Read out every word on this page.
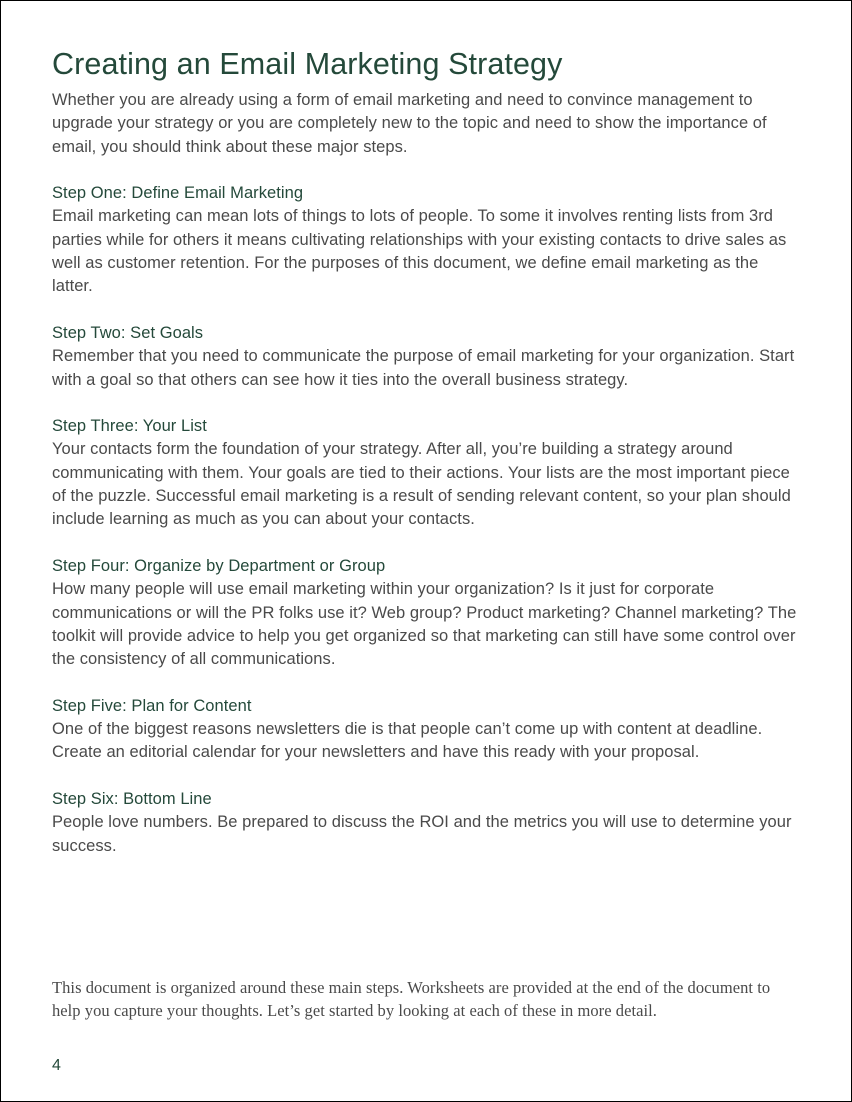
Creating an Email Marketing Strategy

Whether you are already using a form of email marketing and need to convince management to upgrade your strategy or you are completely new to the topic and need to show the importance of email, you should think about these major steps.

Step One: Define Email Marketing

Email marketing can mean lots of things to lots of people. To some it involves renting lists from 3rd parties while for others it means cultivating relationships with your existing contacts to drive sales as well as customer retention. For the purposes of this document, we define email marketing as the latter.

Step Two: Set Goals

Remember that you need to communicate the purpose of email marketing for your organization. Start with a goal so that others can see how it ties into the overall business strategy.

Step Three: Your List

Your contacts form the foundation of your strategy. After all, you’re building a strategy around communicating with them. Your goals are tied to their actions. Your lists are the most important piece of the puzzle. Successful email marketing is a result of sending relevant content, so your plan should include learning as much as you can about your contacts.

Step Four: Organize by Department or Group

How many people will use email marketing within your organization? Is it just for corporate communications or will the PR folks use it? Web group? Product marketing? Channel marketing? The toolkit will provide advice to help you get organized so that marketing can still have some control over the consistency of all communications.

Step Five: Plan for Content

One of the biggest reasons newsletters die is that people can’t come up with content at deadline. Create an editorial calendar for your newsletters and have this ready with your proposal.

Step Six: Bottom Line

People love numbers. Be prepared to discuss the ROI and the metrics you will use to determine your success.

This document is organized around these main steps. Worksheets are provided at the end of the document to help you capture your thoughts. Let’s get started by looking at each of these in more detail.

4
